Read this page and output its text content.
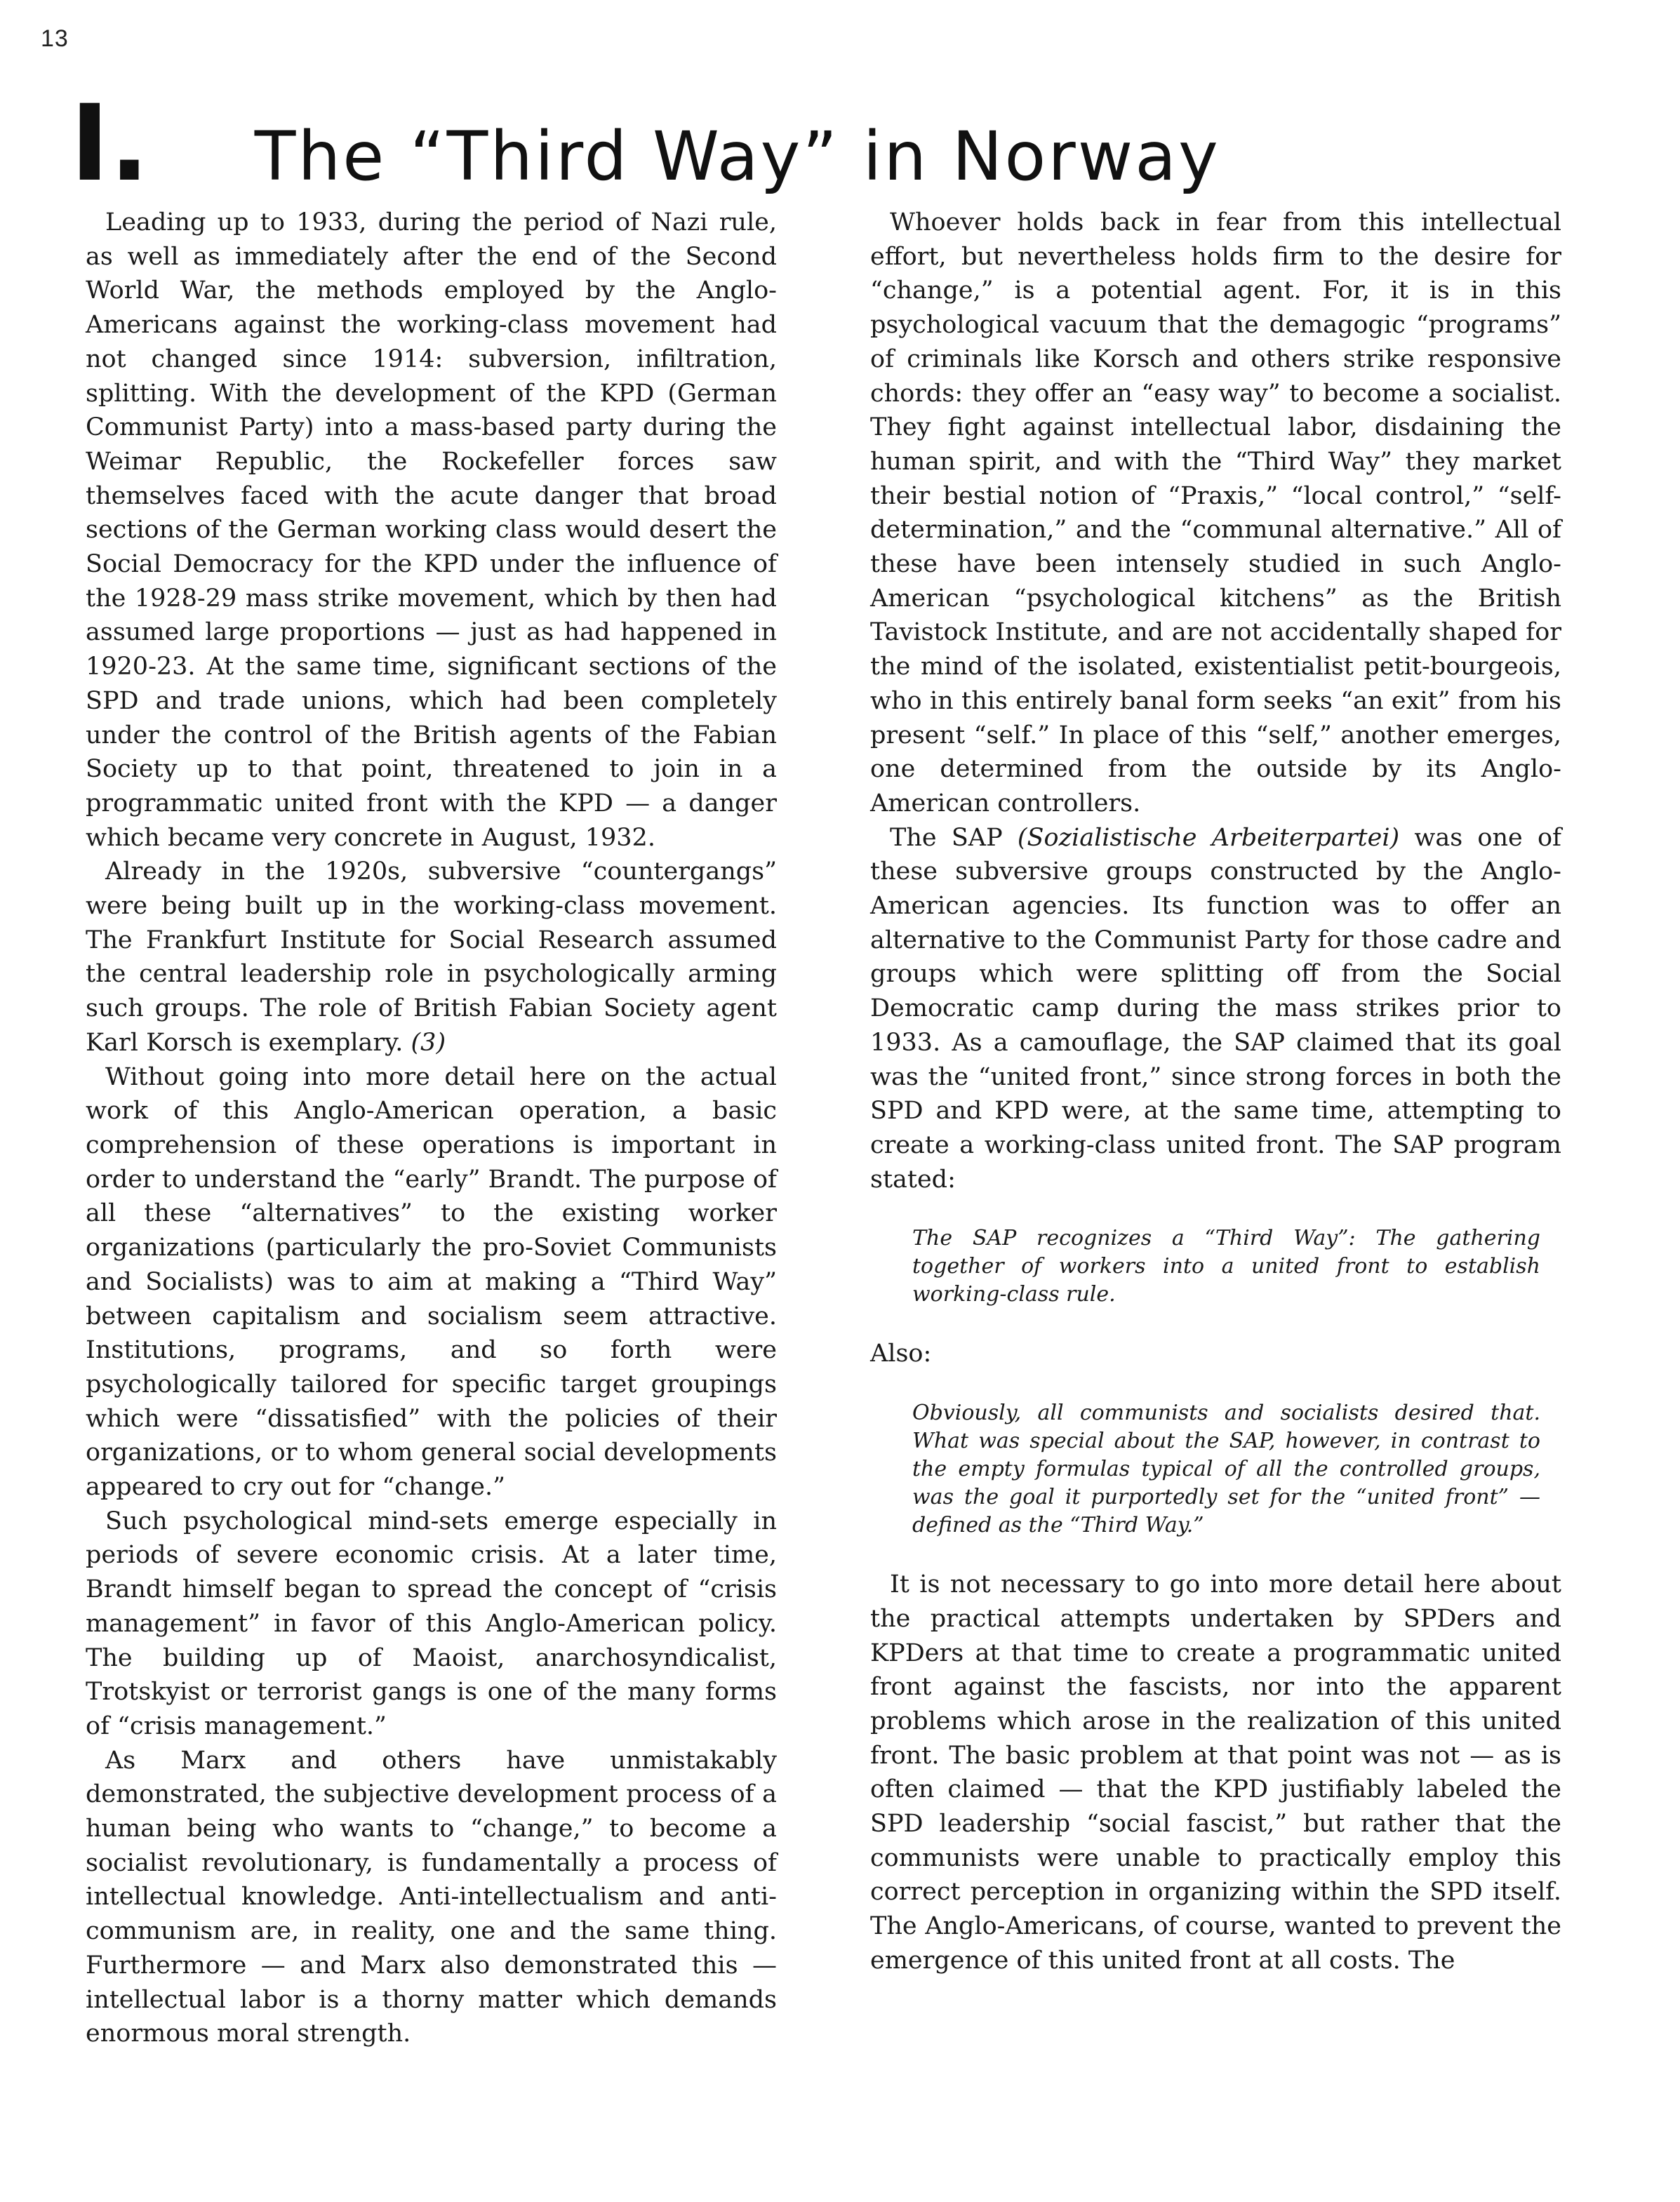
13
I. The “Third Way” in Norway

Leading up to 1933, during the period of Nazi rule, as well as immediately after the end of the Second World War, the methods employed by the Anglo-Americans against the working-class movement had not changed since 1914: subversion, infiltration, splitting. With the development of the KPD (German Communist Party) into a mass-based party during the Weimar Republic, the Rockefeller forces saw themselves faced with the acute danger that broad sections of the German working class would desert the Social Democracy for the KPD under the influence of the 1928-29 mass strike movement, which by then had assumed large proportions — just as had happened in 1920-23. At the same time, significant sections of the SPD and trade unions, which had been completely under the control of the British agents of the Fabian Society up to that point, threatened to join in a programmatic united front with the KPD — a danger which became very concrete in August, 1932.

Already in the 1920s, subversive “countergangs” were being built up in the working-class movement. The Frankfurt Institute for Social Research assumed the central leadership role in psychologically arming such groups. The role of British Fabian Society agent Karl Korsch is exemplary. (3)

Without going into more detail here on the actual work of this Anglo-American operation, a basic comprehension of these operations is important in order to understand the “early” Brandt. The purpose of all these “alternatives” to the existing worker organizations (particularly the pro-Soviet Communists and Socialists) was to aim at making a “Third Way” between capitalism and socialism seem attractive. Institutions, programs, and so forth were psychologically tailored for specific target groupings which were “dissatisfied” with the policies of their organizations, or to whom general social developments appeared to cry out for “change.”

Such psychological mind-sets emerge especially in periods of severe economic crisis. At a later time, Brandt himself began to spread the concept of “crisis management” in favor of this Anglo-American policy. The building up of Maoist, anarchosyndicalist, Trotskyist or terrorist gangs is one of the many forms of “crisis management.”

As Marx and others have unmistakably demonstrated, the subjective development process of a human being who wants to “change,” to become a socialist revolutionary, is fundamentally a process of intellectual knowledge. Anti-intellectualism and anti-communism are, in reality, one and the same thing. Furthermore — and Marx also demonstrated this — intellectual labor is a thorny matter which demands enormous moral strength.

Whoever holds back in fear from this intellectual effort, but nevertheless holds firm to the desire for “change,” is a potential agent. For, it is in this psychological vacuum that the demagogic “programs” of criminals like Korsch and others strike responsive chords: they offer an “easy way” to become a socialist. They fight against intellectual labor, disdaining the human spirit, and with the “Third Way” they market their bestial notion of “Praxis,” “local control,” “self-determination,” and the “communal alternative.” All of these have been intensely studied in such Anglo-American “psychological kitchens” as the British Tavistock Institute, and are not accidentally shaped for the mind of the isolated, existentialist petit-bourgeois, who in this entirely banal form seeks “an exit” from his present “self.” In place of this “self,” another emerges, one determined from the outside by its Anglo-American controllers.

The SAP (Sozialistische Arbeiterpartei) was one of these subversive groups constructed by the Anglo-American agencies. Its function was to offer an alternative to the Communist Party for those cadre and groups which were splitting off from the Social Democratic camp during the mass strikes prior to 1933. As a camouflage, the SAP claimed that its goal was the “united front,” since strong forces in both the SPD and KPD were, at the same time, attempting to create a working-class united front. The SAP program stated:

The SAP recognizes a “Third Way”: The gathering together of workers into a united front to establish working-class rule.

Also:

Obviously, all communists and socialists desired that. What was special about the SAP, however, in contrast to the empty formulas typical of all the controlled groups, was the goal it purportedly set for the “united front” — defined as the “Third Way.”

It is not necessary to go into more detail here about the practical attempts undertaken by SPDers and KPDers at that time to create a programmatic united front against the fascists, nor into the apparent problems which arose in the realization of this united front. The basic problem at that point was not — as is often claimed — that the KPD justifiably labeled the SPD leadership “social fascist,” but rather that the communists were unable to practically employ this correct perception in organizing within the SPD itself. The Anglo-Americans, of course, wanted to prevent the emergence of this united front at all costs. The
